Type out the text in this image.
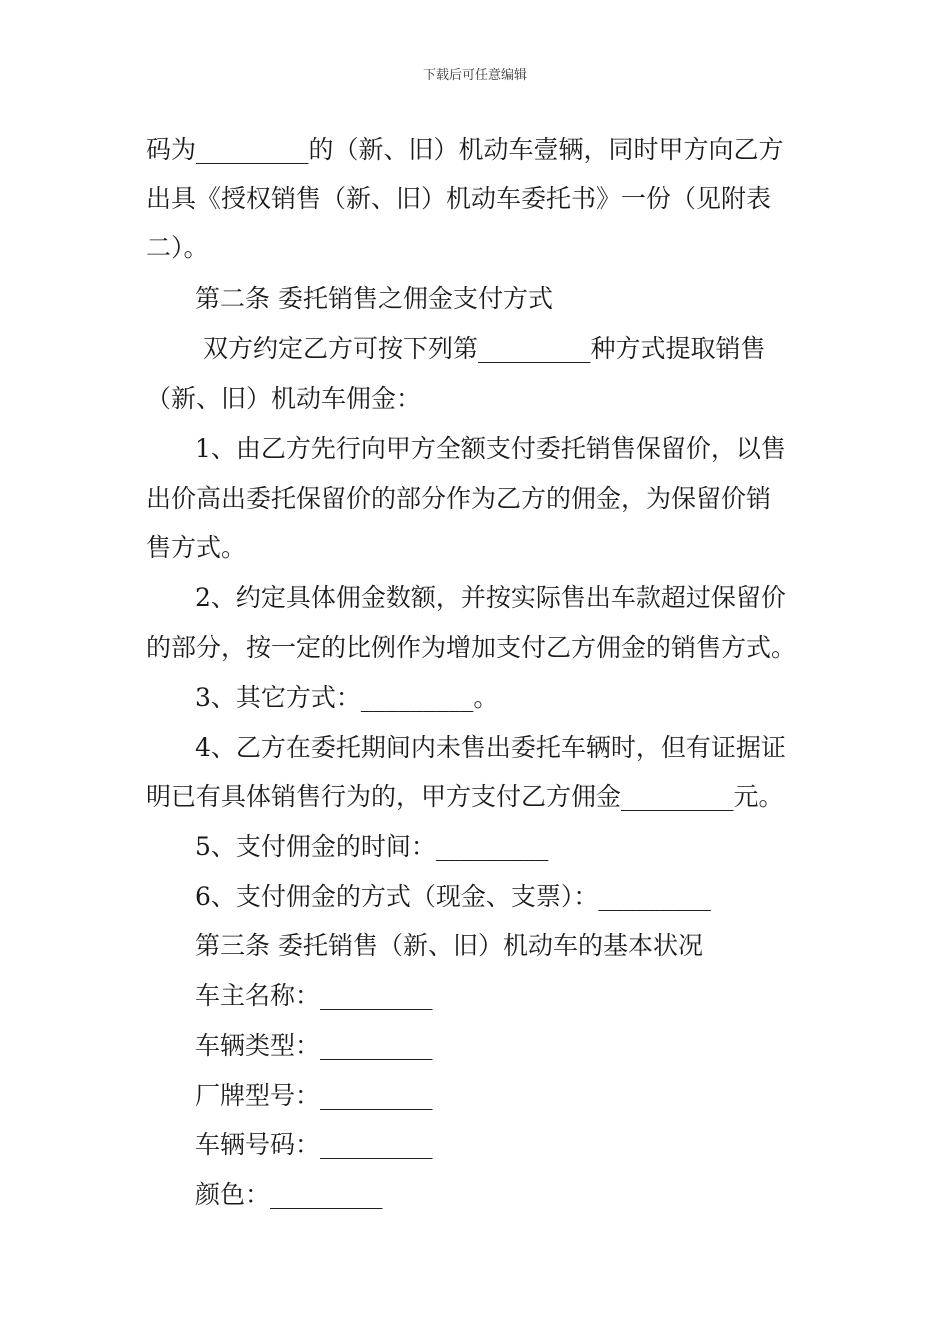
下载后可任意编辑
码为_________的（新、旧）机动车壹辆，同时甲方向乙方
出具《授权销售（新、旧）机动车委托书》一份（见附表
二）。
第二条 委托销售之佣金支付方式
双方约定乙方可按下列第_________种方式提取销售
（新、旧）机动车佣金：
1、由乙方先行向甲方全额支付委托销售保留价，以售
出价高出委托保留价的部分作为乙方的佣金，为保留价销
售方式。
2、约定具体佣金数额，并按实际售出车款超过保留价
的部分，按一定的比例作为增加支付乙方佣金的销售方式。
3、其它方式：_________。
4、乙方在委托期间内未售出委托车辆时，但有证据证
明已有具体销售行为的，甲方支付乙方佣金_________元。
5、支付佣金的时间：_________
6、支付佣金的方式（现金、支票）：_________
第三条 委托销售（新、旧）机动车的基本状况
车主名称：_________
车辆类型：_________
厂牌型号：_________
车辆号码：_________
颜色：_________
